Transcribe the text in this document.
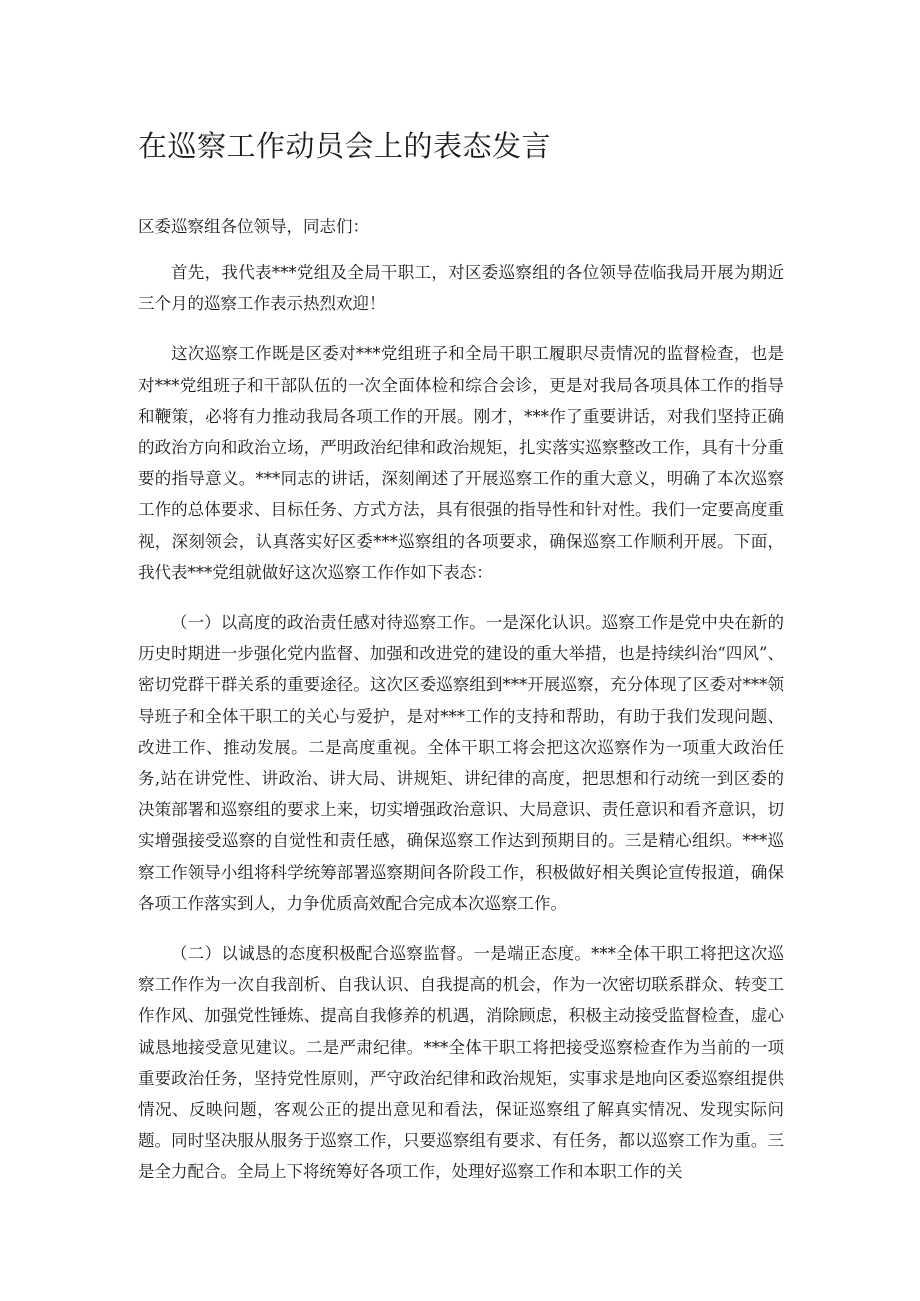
在巡察工作动员会上的表态发言

区委巡察组各位领导，同志们：

首先，我代表***党组及全局干职工，对区委巡察组的各位领导莅临我局开展为期近三个月的巡察工作表示热烈欢迎！

这次巡察工作既是区委对***党组班子和全局干职工履职尽责情况的监督检查，也是对***党组班子和干部队伍的一次全面体检和综合会诊，更是对我局各项具体工作的指导和鞭策，必将有力推动我局各项工作的开展。刚才，***作了重要讲话，对我们坚持正确的政治方向和政治立场，严明政治纪律和政治规矩，扎实落实巡察整改工作，具有十分重要的指导意义。***同志的讲话，深刻阐述了开展巡察工作的重大意义，明确了本次巡察工作的总体要求、目标任务、方式方法，具有很强的指导性和针对性。我们一定要高度重视，深刻领会，认真落实好区委***巡察组的各项要求，确保巡察工作顺利开展。下面，我代表***党组就做好这次巡察工作作如下表态：

（一）以高度的政治责任感对待巡察工作。一是深化认识。巡察工作是党中央在新的历史时期进一步强化党内监督、加强和改进党的建设的重大举措，也是持续纠治“四风”、密切党群干群关系的重要途径。这次区委巡察组到***开展巡察，充分体现了区委对***领导班子和全体干职工的关心与爱护，是对***工作的支持和帮助，有助于我们发现问题、改进工作、推动发展。二是高度重视。全体干职工将会把这次巡察作为一项重大政治任务,站在讲党性、讲政治、讲大局、讲规矩、讲纪律的高度，把思想和行动统一到区委的决策部署和巡察组的要求上来，切实增强政治意识、大局意识、责任意识和看齐意识，切实增强接受巡察的自觉性和责任感，确保巡察工作达到预期目的。三是精心组织。***巡察工作领导小组将科学统筹部署巡察期间各阶段工作，积极做好相关舆论宣传报道，确保各项工作落实到人，力争优质高效配合完成本次巡察工作。

（二）以诚恳的态度积极配合巡察监督。一是端正态度。***全体干职工将把这次巡察工作作为一次自我剖析、自我认识、自我提高的机会，作为一次密切联系群众、转变工作作风、加强党性锤炼、提高自我修养的机遇，消除顾虑，积极主动接受监督检查，虚心诚恳地接受意见建议。二是严肃纪律。***全体干职工将把接受巡察检查作为当前的一项重要政治任务，坚持党性原则，严守政治纪律和政治规矩，实事求是地向区委巡察组提供情况、反映问题，客观公正的提出意见和看法，保证巡察组了解真实情况、发现实际问题。同时坚决服从服务于巡察工作，只要巡察组有要求、有任务，都以巡察工作为重。三是全力配合。全局上下将统筹好各项工作，处理好巡察工作和本职工作的关
